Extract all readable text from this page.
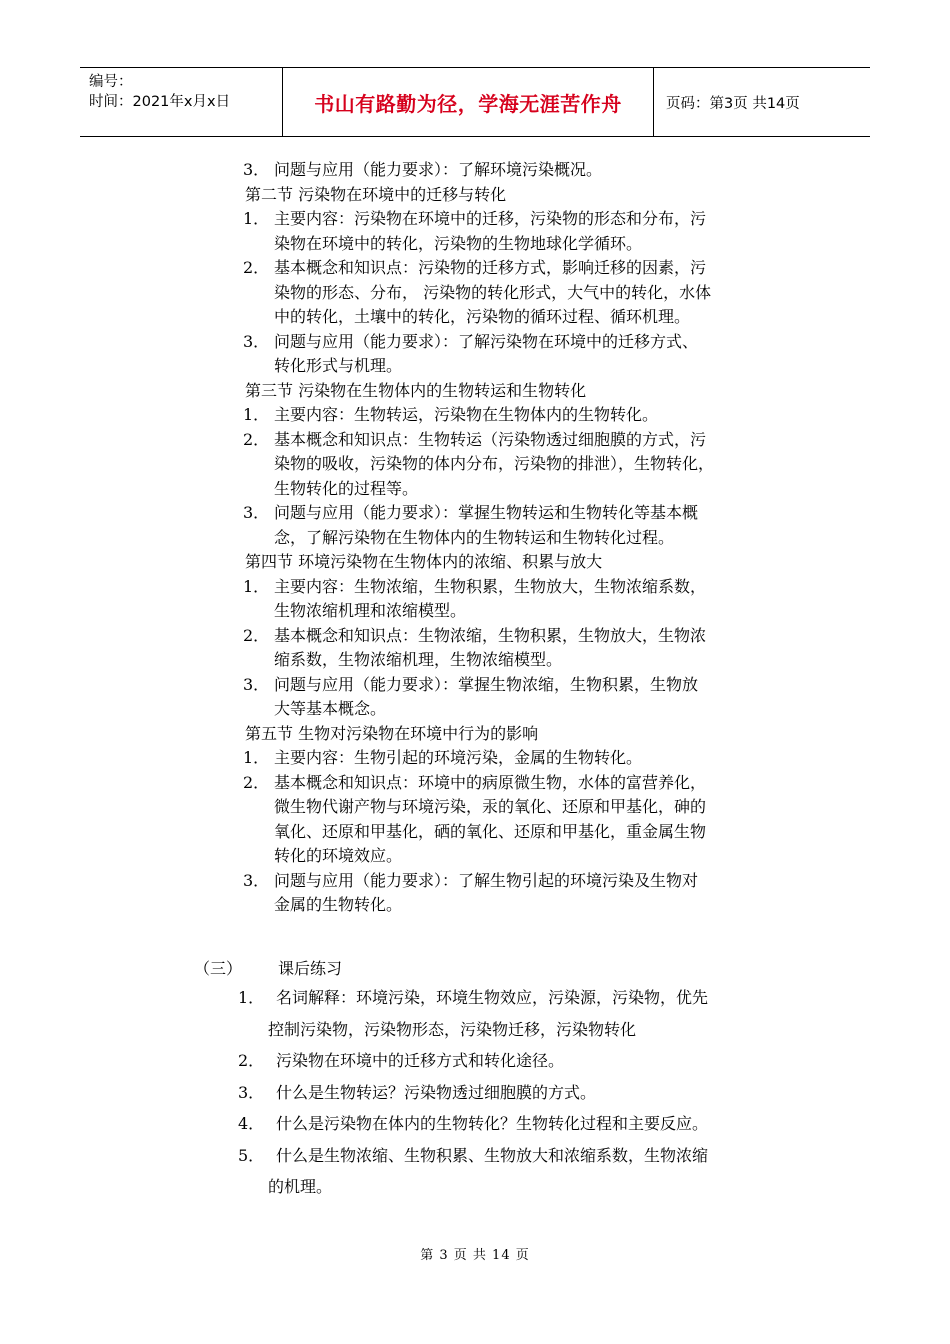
编号：
时间：2021年x月x日	书山有路勤为径，学海无涯苦作舟	页码：第3页 共14页
3． 问题与应用（能力要求）：了解环境污染概况。
第二节 污染物在环境中的迁移与转化
1． 主要内容：污染物在环境中的迁移，污染物的形态和分布，污
染物在环境中的转化，污染物的生物地球化学循环。
2． 基本概念和知识点：污染物的迁移方式，影响迁移的因素，污
染物的形态、分布， 污染物的转化形式，大气中的转化，水体
中的转化，土壤中的转化，污染物的循环过程、循环机理。
3． 问题与应用（能力要求）：了解污染物在环境中的迁移方式、
转化形式与机理。
第三节 污染物在生物体内的生物转运和生物转化
1． 主要内容：生物转运，污染物在生物体内的生物转化。
2． 基本概念和知识点：生物转运（污染物透过细胞膜的方式，污
染物的吸收，污染物的体内分布，污染物的排泄），生物转化，
生物转化的过程等。
3． 问题与应用（能力要求）：掌握生物转运和生物转化等基本概
念，了解污染物在生物体内的生物转运和生物转化过程。
第四节 环境污染物在生物体内的浓缩、积累与放大
1． 主要内容：生物浓缩，生物积累，生物放大，生物浓缩系数，
生物浓缩机理和浓缩模型。
2． 基本概念和知识点：生物浓缩，生物积累，生物放大，生物浓
缩系数，生物浓缩机理，生物浓缩模型。
3． 问题与应用（能力要求）：掌握生物浓缩，生物积累，生物放
大等基本概念。
第五节 生物对污染物在环境中行为的影响
1． 主要内容：生物引起的环境污染，金属的生物转化。
2． 基本概念和知识点：环境中的病原微生物，水体的富营养化，
微生物代谢产物与环境污染，汞的氧化、还原和甲基化，砷的
氧化、还原和甲基化，硒的氧化、还原和甲基化，重金属生物
转化的环境效应。
3． 问题与应用（能力要求）：了解生物引起的环境污染及生物对
金属的生物转化。
（三） 课后练习
1． 名词解释：环境污染，环境生物效应，污染源，污染物，优先
控制污染物，污染物形态，污染物迁移，污染物转化
2． 污染物在环境中的迁移方式和转化途径。
3． 什么是生物转运？污染物透过细胞膜的方式。
4． 什么是污染物在体内的生物转化？生物转化过程和主要反应。
5． 什么是生物浓缩、生物积累、生物放大和浓缩系数，生物浓缩
的机理。
第 3 页 共 14 页
